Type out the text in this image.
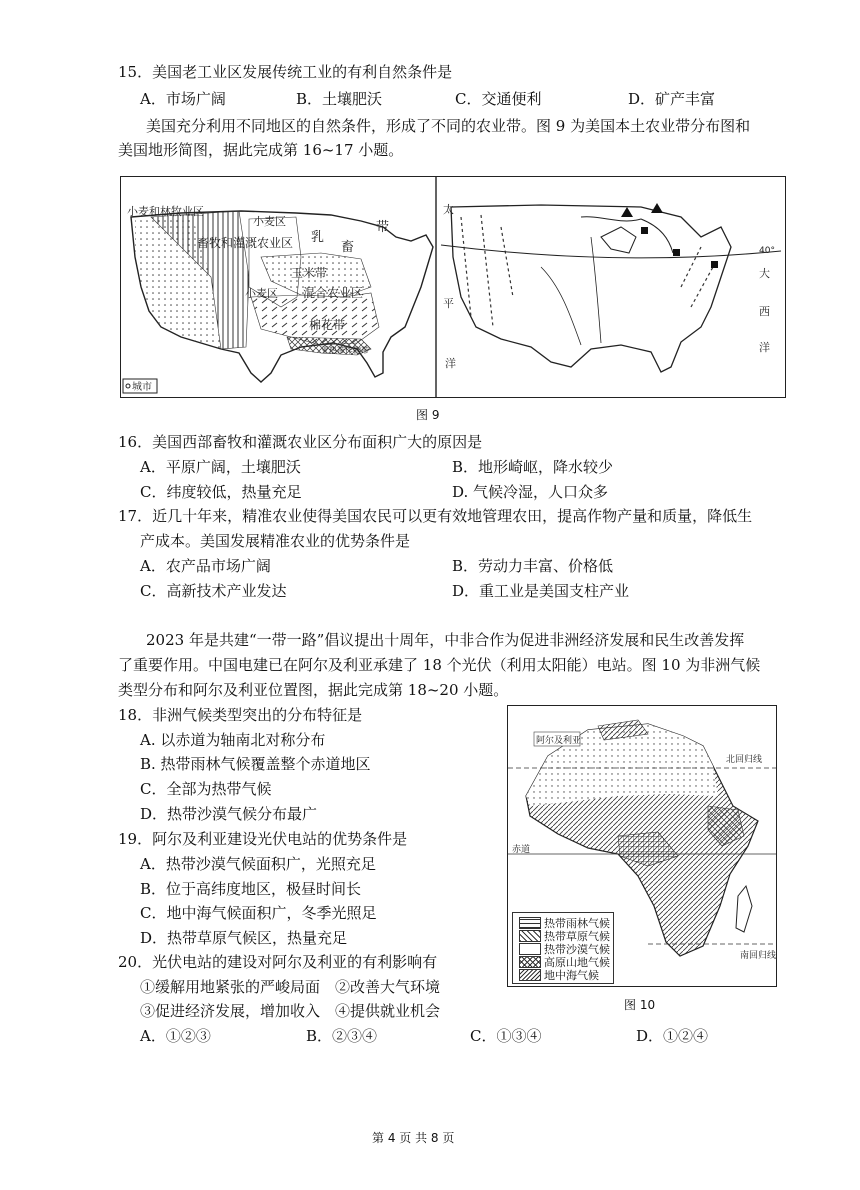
15．美国老工业区发展传统工业的有利自然条件是
A．市场广阔	B．土壤肥沃	C．交通便利	D．矿产丰富
美国充分利用不同地区的自然条件，形成了不同的农业带。图 9 为美国本土农业带分布图和
美国地形简图，据此完成第 16~17 小题。
小麦和林牧业区
畜牧和灌溉农业区
小麦区
乳
畜
带
玉米带
小麦区 混合农业区
棉花带
亚热带作物带
城市
太
平
洋
大
西
洋
40°
图 9
16．美国西部畜牧和灌溉农业区分布面积广大的原因是
A．平原广阔，土壤肥沃	B．地形崎岖，降水较少
C．纬度较低，热量充足	D. 气候冷湿，人口众多
17．近几十年来，精准农业使得美国农民可以更有效地管理农田，提高作物产量和质量，降低生
产成本。美国发展精准农业的优势条件是
A．农产品市场广阔	B．劳动力丰富、价格低
C．高新技术产业发达	D．重工业是美国支柱产业
2023 年是共建“一带一路”倡议提出十周年，中非合作为促进非洲经济发展和民生改善发挥
了重要作用。中国电建已在阿尔及利亚承建了 18 个光伏（利用太阳能）电站。图 10 为非洲气候
类型分布和阿尔及利亚位置图，据此完成第 18~20 小题。
18．非洲气候类型突出的分布特征是
A. 以赤道为轴南北对称分布
B. 热带雨林气候覆盖整个赤道地区
C．全部为热带气候
D．热带沙漠气候分布最广
19．阿尔及利亚建设光伏电站的优势条件是
A．热带沙漠气候面积广，光照充足
B．位于高纬度地区，极昼时间长
C．地中海气候面积广，冬季光照足
D．热带草原气候区，热量充足
20．光伏电站的建设对阿尔及利亚的有利影响有
①缓解用地紧张的严峻局面　②改善大气环境
③促进经济发展，增加收入　④提供就业机会
A．①②③	B．②③④	C．①③④	D．①②④
阿尔及利亚
北回归线
赤道
南回归线
热带雨林气候
热带草原气候
热带沙漠气候
高原山地气候
地中海气候
图 10
第 4 页 共 8 页
